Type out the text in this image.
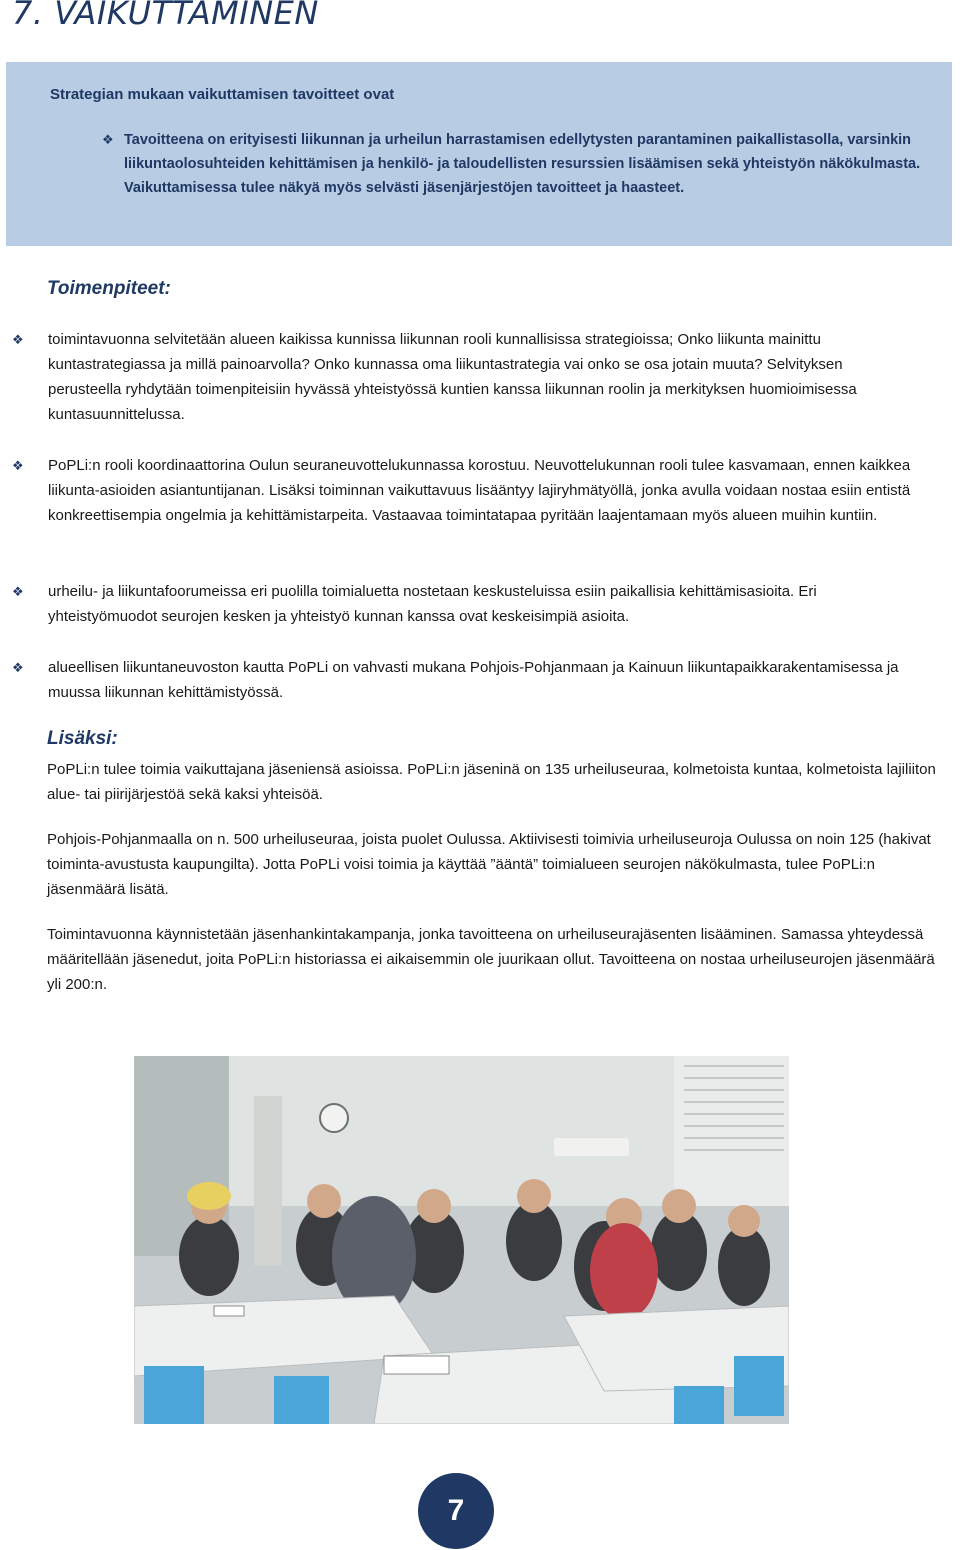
7. VAIKUTTAMINEN
Strategian mukaan vaikuttamisen tavoitteet ovat
❖ Tavoitteena on erityisesti liikunnan ja urheilun harrastamisen edellytysten parantaminen paikallistasolla, varsinkin liikuntaolosuhteiden kehittämisen ja henkilö- ja taloudellisten resurssien lisäämisen sekä yhteistyön näkökulmasta. Vaikuttamisessa tulee näkyä myös selvästi jäsenjärjestöjen tavoitteet ja haasteet.
Toimenpiteet:
❖	toimintavuonna selvitetään alueen kaikissa kunnissa liikunnan rooli kunnallisissa strategioissa; Onko liikunta mainittu kuntastrategiassa ja millä painoarvolla? Onko kunnassa oma liikuntastrategia vai onko se osa jotain muuta? Selvityksen perusteella ryhdytään toimenpiteisiin hyvässä yhteistyössä kuntien kanssa liikunnan roolin ja merkityksen huomioimisessa kuntasuunnittelussa.
❖	PoPLi:n rooli koordinaattorina Oulun seuraneuvottelukunnassa korostuu. Neuvottelukunnan rooli tulee kasvamaan, ennen kaikkea liikunta-asioiden asiantuntijanan. Lisäksi toiminnan vaikuttavuus lisääntyy lajiryhmätyöllä, jonka avulla voidaan nostaa esiin entistä konkreettisempia ongelmia ja kehittämistarpeita. Vastaavaa toimintatapaa pyritään laajentamaan myös alueen muihin kuntiin.
❖	urheilu- ja liikuntafoorumeissa eri puolilla toimialuetta nostetaan keskusteluissa esiin paikallisia kehittämisasioita. Eri yhteistyömuodot seurojen kesken ja yhteistyö kunnan kanssa ovat keskeisimpiä asioita.
❖	alueellisen liikuntaneuvoston kautta PoPLi on vahvasti mukana Pohjois-Pohjanmaan ja Kainuun liikuntapaikkarakentamisessa ja muussa liikunnan kehittämistyössä.
Lisäksi:

PoPLi:n tulee toimia vaikuttajana jäseniensä asioissa. PoPLi:n jäseninä on 135 urheiluseuraa, kolmetoista kuntaa, kolmetoista lajiliiton alue- tai piirijärjestöä sekä kaksi yhteisöä.

Pohjois-Pohjanmaalla on n. 500 urheiluseuraa, joista puolet Oulussa. Aktiivisesti toimivia urheiluseuroja Oulussa on noin 125 (hakivat toiminta-avustusta kaupungilta). Jotta PoPLi voisi toimia ja käyttää ”ääntä” toimialueen seurojen näkökulmasta, tulee PoPLi:n jäsenmäärä lisätä.

Toimintavuonna käynnistetään jäsenhankintakampanja, jonka tavoitteena on urheiluseurajäsenten lisääminen. Samassa yhteydessä määritellään jäsenedut, joita PoPLi:n historiassa ei aikaisemmin ole juurikaan ollut. Tavoitteena on nostaa urheiluseurojen jäsenmäärä yli 200:n.

7
